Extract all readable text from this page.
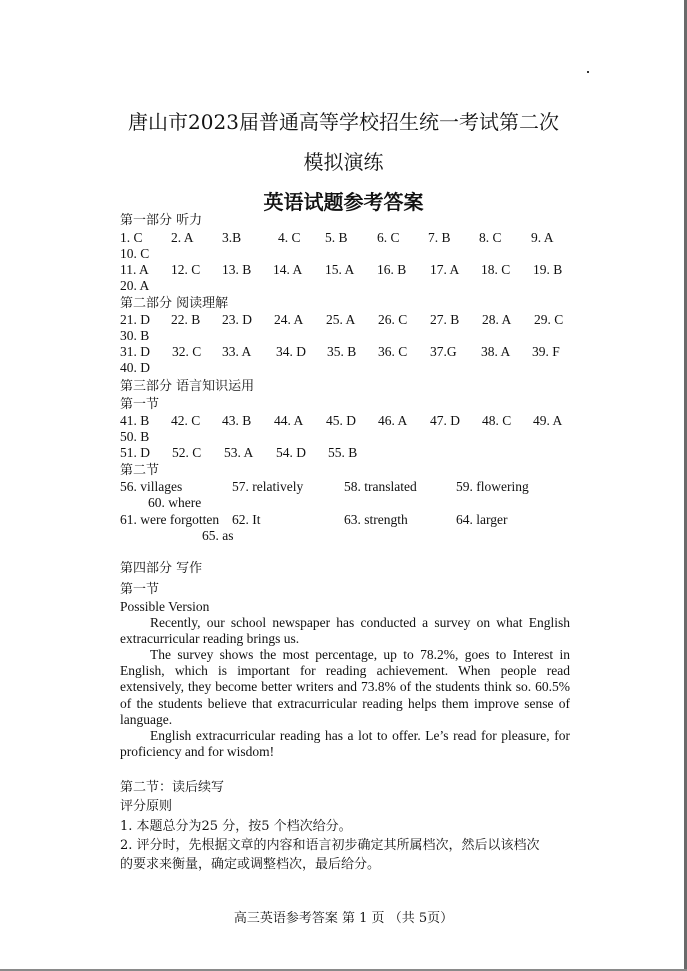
唐山市2023届普通高等学校招生统一考试第二次
模拟演练
英语试题参考答案
第一部分 听力
1. C 2. A 3.B	4. C 5. B 6. C 7. B 8. C 9. A
10. C
11. A 12. C 13. B 14. A 15. A 16. B 17. A 18. C 19. B
20. A
第二部分 阅读理解
21. D 22. B 23. D 24. A 25. A 26. C 27. B 28. A 29. C
30. B
31. D 32. C 33. A 34. D 35. B 36. C 37.G 38. A 39. F
40. D
第三部分 语言知识运用
第一节
41. B 42. C 43. B 44. A 45. D 46. A 47. D 48. C 49. A
50. B
51. D 52. C 53. A 54. D 55. B
第二节
56. villages	57. relatively	58. translated	59. flowering
60. where
61. were forgotten 62. It	63. strength	64. larger
65. as
第四部分 写作
第一节
Possible Version
Recently, our school newspaper has conducted a survey on what English extracurricular reading brings us.
The survey shows the most percentage, up to 78.2%, goes to Interest in English, which is important for reading achievement. When people read extensively, they become better writers and 73.8% of the students think so. 60.5% of the students believe that extracurricular reading helps them improve sense of language.
English extracurricular reading has a lot to offer. Le’s read for pleasure, for proficiency and for wisdom!
第二节：读后续写
评分原则
1. 本题总分为25 分，按5 个档次给分。
2. 评分时，先根据文章的内容和语言初步确定其所属档次，然后以该档次
的要求来衡量，确定或调整档次，最后给分。
高三英语参考答案 第 1 页 （共 5页）
